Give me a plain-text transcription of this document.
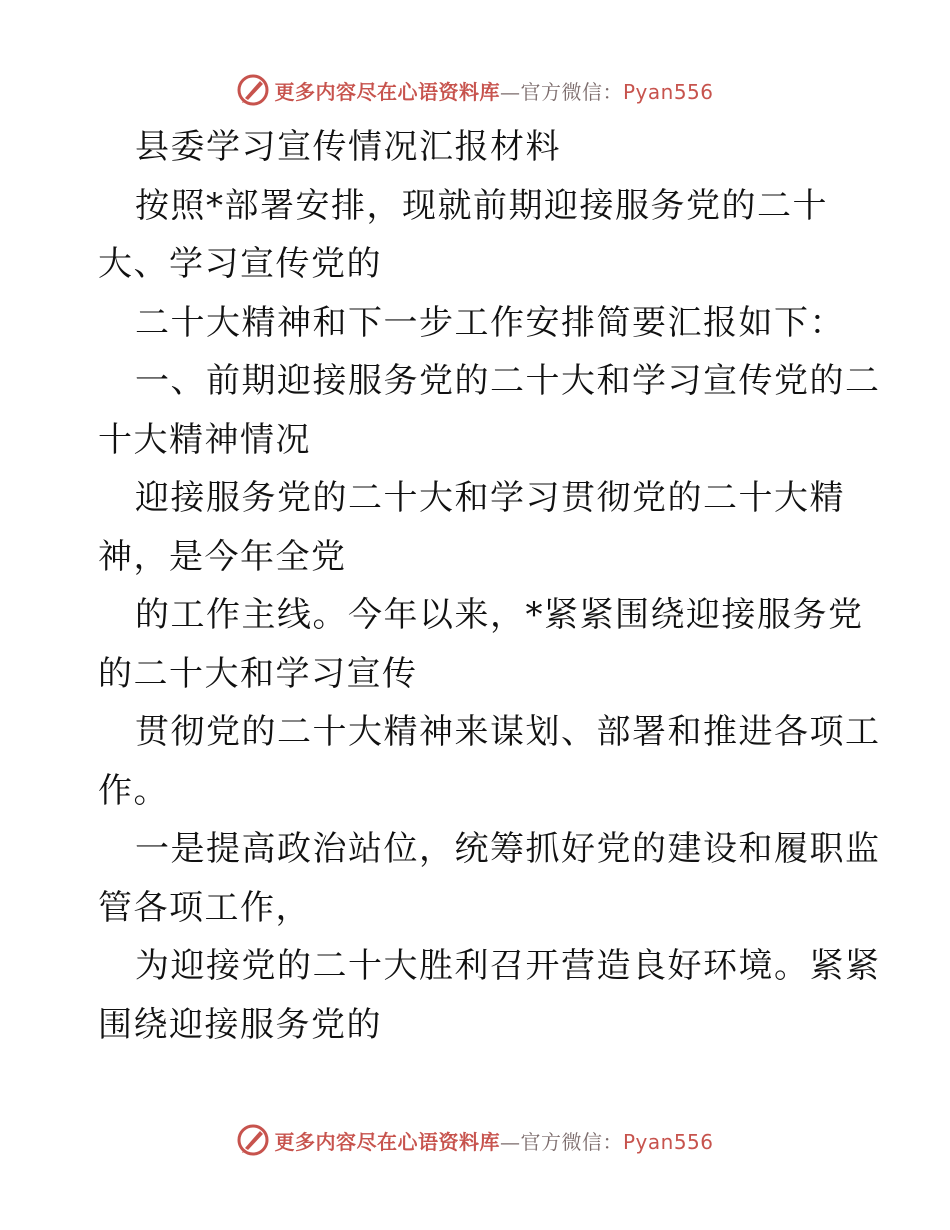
更多内容尽在心语资料库—官方微信：Pyan556
县委学习宣传情况汇报材料
按照*部署安排，现就前期迎接服务党的二十
大、学习宣传党的
二十大精神和下一步工作安排简要汇报如下：
一、前期迎接服务党的二十大和学习宣传党的二
十大精神情况
迎接服务党的二十大和学习贯彻党的二十大精
神，是今年全党
的工作主线。今年以来，*紧紧围绕迎接服务党
的二十大和学习宣传
贯彻党的二十大精神来谋划、部署和推进各项工
作。
一是提高政治站位，统筹抓好党的建设和履职监
管各项工作，
为迎接党的二十大胜利召开营造良好环境。紧紧
围绕迎接服务党的
更多内容尽在心语资料库—官方微信：Pyan556
